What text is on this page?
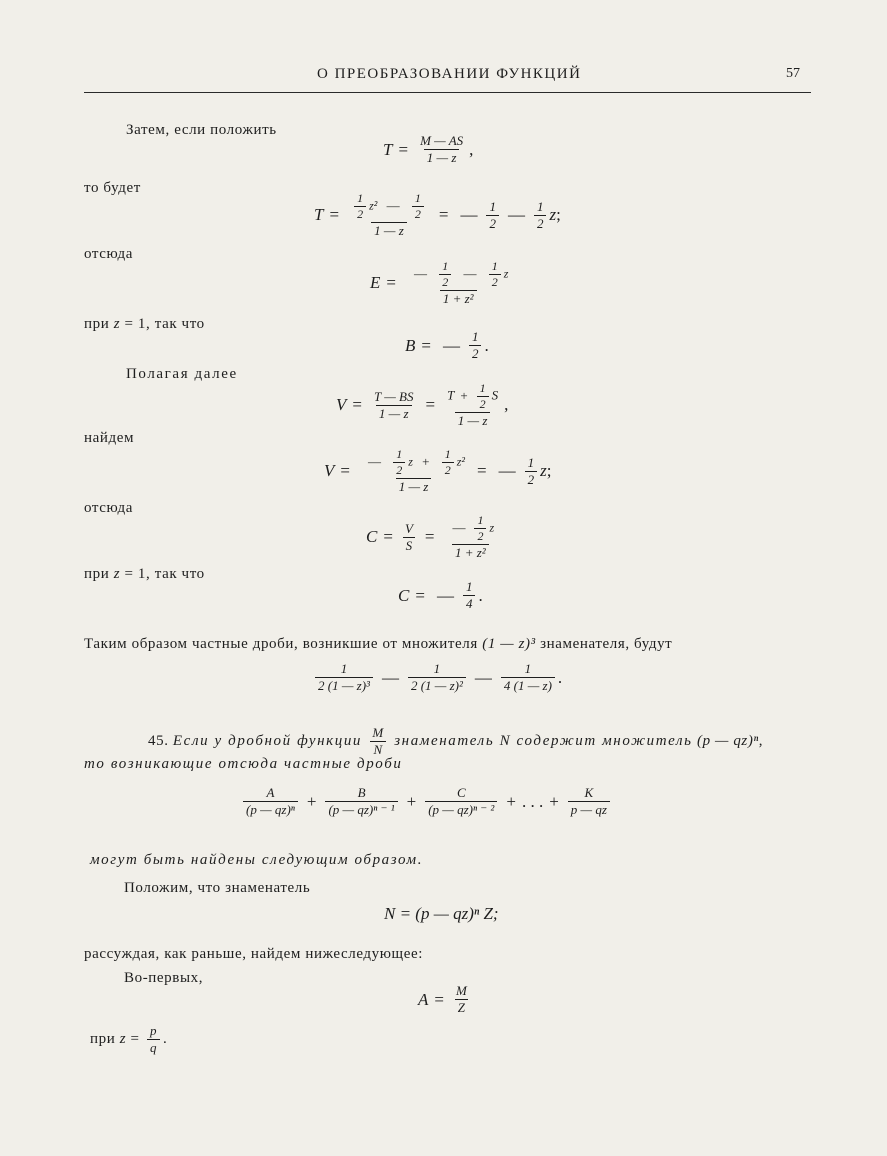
О ПРЕОБРАЗОВАНИИ ФУНКЦИЙ	57
Затем, если положить
$T = \frac{M — AS}{1 — z}$ ,
то будет
$T = \frac{\frac{1}{2} z^2 — \frac{1}{2}}{1 — z}$ = — $\frac{1}{2}$ — $\frac{1}{2}$ z ;
отсюда
$E = \frac{— \frac{1}{2} — \frac{1}{2} z}{\text{1 + z²}}$
при z = 1, так что
B = — $\frac{1}{2}$ .
Полагая далее
$V = \frac{T — BS}{1 — z} = \frac{T + \frac{1}{2} S}{1 — z}$ ,
найдем
$V = \frac{— \frac{1}{2} z + \frac{1}{2} z^2}{1 — z}$ = — $\frac{1}{2}$ z ;
отсюда
$C = \frac{V}{S} = \frac{— \frac{1}{2} z}{\text{1 + z²}}$
при z = 1, так что
C = — $\frac{1}{4}$ .
Таким образом частные дроби, возникшие от множителя (1 — z)³ знаменателя, будут
$\frac{1}{\text{2 (1 — z)³}}$ — $\frac{1}{\text{2 (1 — z)²}}$ — $\frac{1}{4 (1 — z)}$ .
45.
Если у дробной функции
$\frac{M}{N}$
знаменатель N содержит множитель
(p — qz)ⁿ ,
то возникающие отсюда частные дроби
$\frac{A}{\text{(p — qz)ⁿ}} + \frac{B}{\text{(p — qz)ⁿ ⁻ ¹}} + \frac{C}{\text{(p — qz)ⁿ ⁻ ²}}$ + . . . + $\frac{K}{p — qz}$
могут быть найдены следующим образом.
Положим, что знаменатель
N = (p — qz)ⁿ Z;
рассуждая, как раньше, найдем нижеследующее:
Во-первых,
$A = \frac{M}{Z}$
при
z
=
$\frac{p}{q}$ .
